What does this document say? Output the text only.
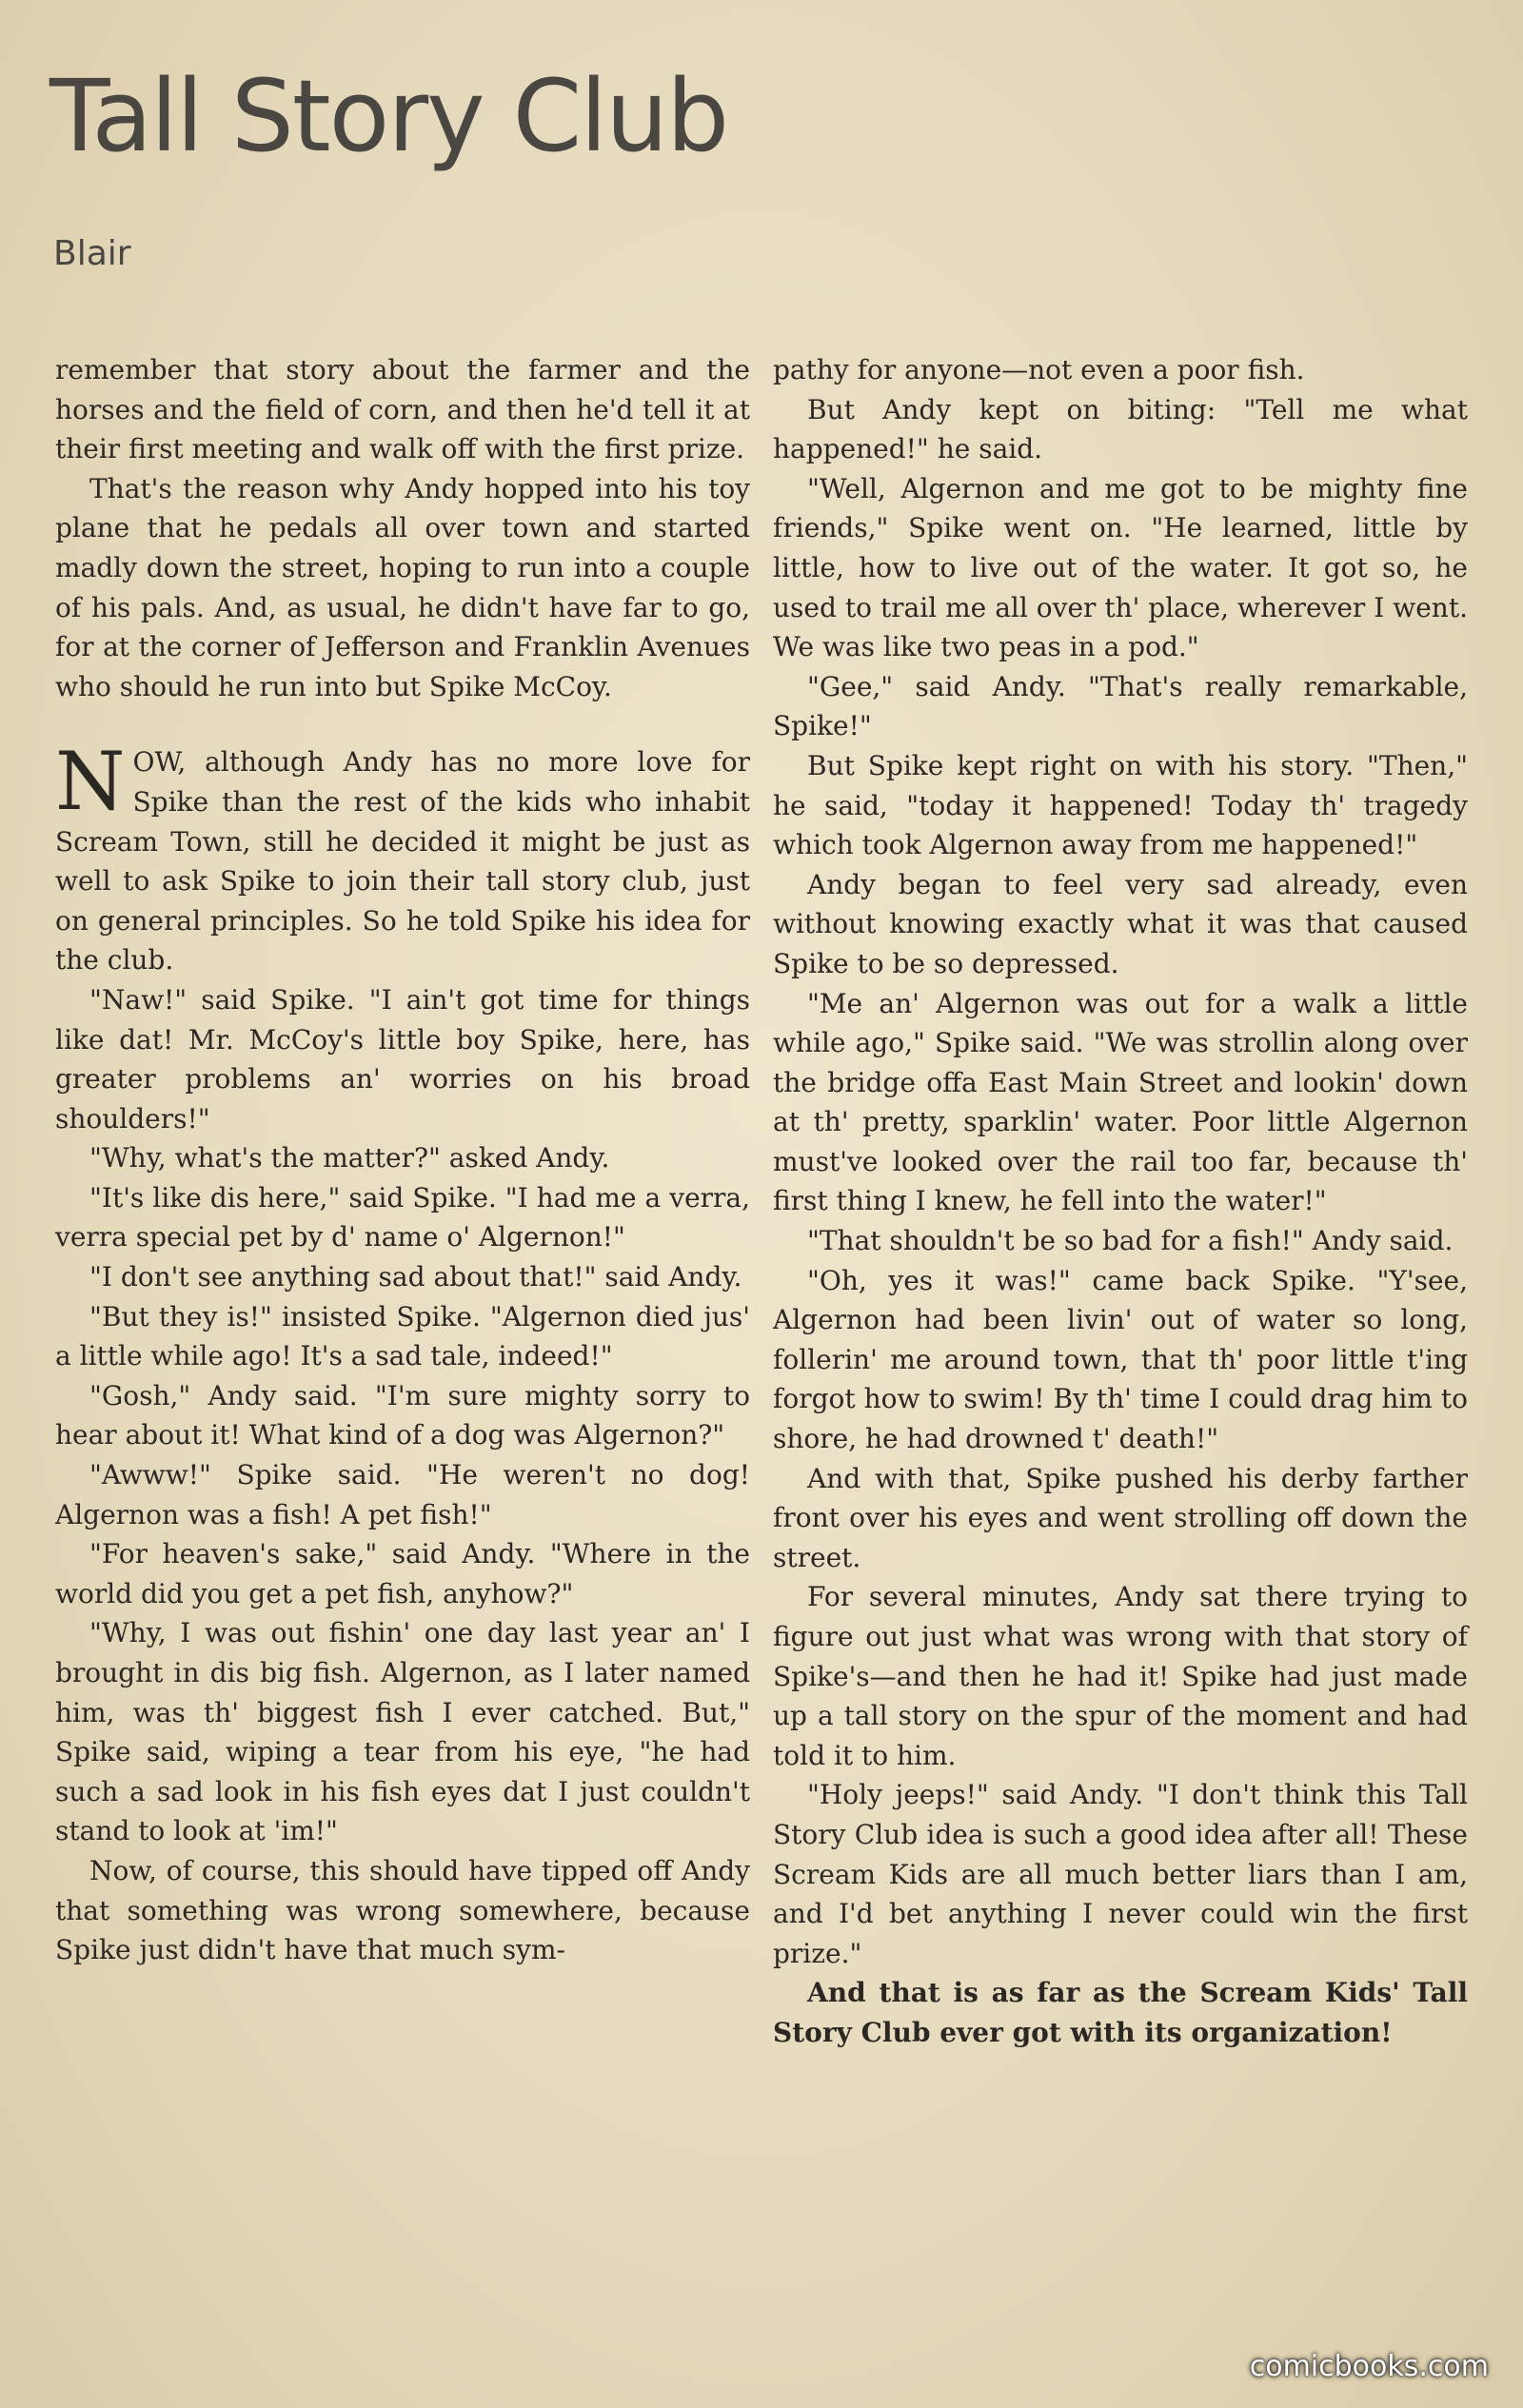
Tall Story Club
Blair

remember that story about the farmer and the horses and the field of corn, and then he'd tell it at their first meeting and walk off with the first prize.

That's the reason why Andy hopped into his toy plane that he pedals all over town and started madly down the street, hoping to run into a couple of his pals. And, as usual, he didn't have far to go, for at the corner of Jefferson and Franklin Avenues who should he run into but Spike McCoy.

NOW, although Andy has no more love for Spike than the rest of the kids who inhabit Scream Town, still he decided it might be just as well to ask Spike to join their tall story club, just on general principles. So he told Spike his idea for the club.

"Naw!" said Spike. "I ain't got time for things like dat! Mr. McCoy's little boy Spike, here, has greater problems an' worries on his broad shoulders!"

"Why, what's the matter?" asked Andy.

"It's like dis here," said Spike. "I had me a verra, verra special pet by d' name o' Algernon!"

"I don't see anything sad about that!" said Andy.

"But they is!" insisted Spike. "Algernon died jus' a little while ago! It's a sad tale, indeed!"

"Gosh," Andy said. "I'm sure mighty sorry to hear about it! What kind of a dog was Algernon?"

"Awww!" Spike said. "He weren't no dog! Algernon was a fish! A pet fish!"

"For heaven's sake," said Andy. "Where in the world did you get a pet fish, anyhow?"

"Why, I was out fishin' one day last year an' I brought in dis big fish. Algernon, as I later named him, was th' biggest fish I ever catched. But," Spike said, wiping a tear from his eye, "he had such a sad look in his fish eyes dat I just couldn't stand to look at 'im!"

Now, of course, this should have tipped off Andy that something was wrong somewhere, because Spike just didn't have that much sym-

pathy for anyone—not even a poor fish.

But Andy kept on biting: "Tell me what happened!" he said.

"Well, Algernon and me got to be mighty fine friends," Spike went on. "He learned, little by little, how to live out of the water. It got so, he used to trail me all over th' place, wherever I went. We was like two peas in a pod."

"Gee," said Andy. "That's really remarkable, Spike!"

But Spike kept right on with his story. "Then," he said, "today it happened! Today th' tragedy which took Algernon away from me happened!"

Andy began to feel very sad already, even without knowing exactly what it was that caused Spike to be so depressed.

"Me an' Algernon was out for a walk a little while ago," Spike said. "We was strollin along over the bridge offa East Main Street and lookin' down at th' pretty, sparklin' water. Poor little Algernon must've looked over the rail too far, because th' first thing I knew, he fell into the water!"

"That shouldn't be so bad for a fish!" Andy said.

"Oh, yes it was!" came back Spike. "Y'see, Algernon had been livin' out of water so long, follerin' me around town, that th' poor little t'ing forgot how to swim! By th' time I could drag him to shore, he had drowned t' death!"

And with that, Spike pushed his derby farther front over his eyes and went strolling off down the street.

For several minutes, Andy sat there trying to figure out just what was wrong with that story of Spike's—and then he had it! Spike had just made up a tall story on the spur of the moment and had told it to him.

"Holy jeeps!" said Andy. "I don't think this Tall Story Club idea is such a good idea after all! These Scream Kids are all much better liars than I am, and I'd bet anything I never could win the first prize."

And that is as far as the Scream Kids' Tall Story Club ever got with its organization!

comicbooks.com
